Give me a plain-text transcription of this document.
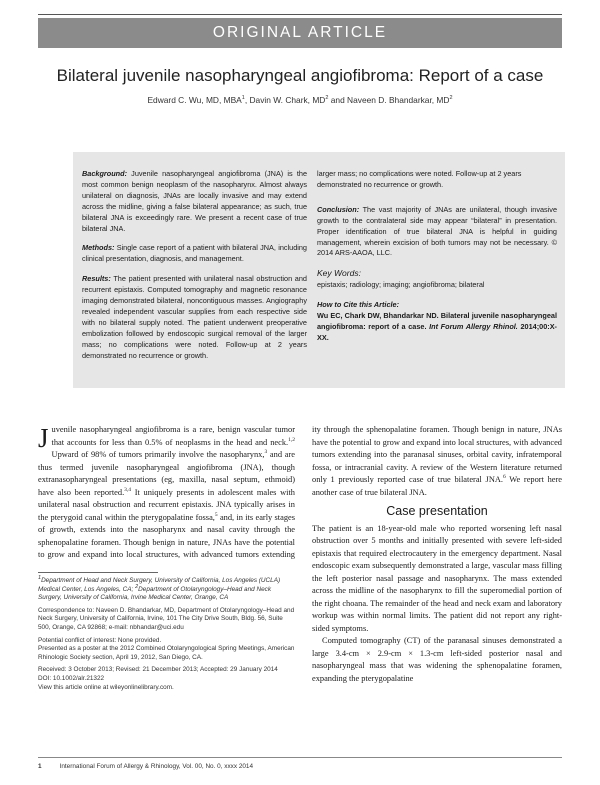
ORIGINAL ARTICLE
Bilateral juvenile nasopharyngeal angiofibroma: Report of a case
Edward C. Wu, MD, MBA$^1$, Davin W. Chark, $MD^2$ and Naveen D. Bhandarkar, $MD^2$

Background: Juvenile nasopharyngeal angiofibroma (JNA) is the most common benign neoplasm of the nasopharynx. Almost always unilateral on diagnosis, JNAs are locally invasive and may extend across the midline, giving a false bilateral appearance; as such, true bilateral JNA is exceedingly rare. We present a recent case of true bilateral JNA.

Methods: Single case report of a patient with bilateral JNA, including clinical presentation, diagnosis, and management.

Results: The patient presented with unilateral nasal obstruction and recurrent epistaxis. Computed tomography and magnetic resonance imaging demonstrated bilateral, noncontiguous masses. Angiography revealed independent vascular supplies from each respective side with no bilateral supply noted. The patient underwent preoperative embolization followed by endoscopic surgical removal of the larger mass; no complications were noted. Follow-up at 2 years demonstrated no recurrence or growth.

larger mass; no complications were noted. Follow-up at 2 years demonstrated no recurrence or growth.

Conclusion: The vast majority of JNAs are unilateral, though invasive growth to the contralateral side may appear “bilateral” in presentation. Proper identification of true bilateral JNA is helpful in guiding management, wherein excision of both tumors may not be necessary. © 2014 ARS-AAOA, LLC.

Key Words:

epistaxis; radiology; imaging; angiofibroma; bilateral

How to Cite this Article:

Wu EC, Chark DW, Bhandarkar ND. Bilateral juvenile nasopharyngeal angiofibroma: report of a case. Int Forum Allergy Rhinol. 2014;00:X-XX.

Juvenile nasopharyngeal angiofibroma is a rare, benign vascular tumor that accounts for less than 0.5% of neoplasms in the head and neck.$^{1,2}$ Upward of 98% of tumors primarily involve the nasopharynx,$^3$ and are thus termed juvenile nasopharyngeal angiofibroma (JNA), though extranasopharyngeal presentations (eg, maxilla, nasal septum, ethmoid) have also been reported.$^{3,4}$ It uniquely presents in adolescent males with unilateral nasal obstruction and recurrent epistaxis. JNA typically arises in the pterygoid canal within the pterygopalatine fossa,$^5$ and, in its early stages of growth, extends into the nasopharynx and nasal cavity through the sphenopalatine foramen. Though benign in nature, JNAs have the potential to grow and expand into local structures, with advanced tumors extending

ity through the sphenopalatine foramen. Though benign in nature, JNAs have the potential to grow and expand into local structures, with advanced tumors extending into the paranasal sinuses, orbital cavity, infratemporal fossa, or intracranial cavity. A review of the Western literature returned only 1 previously reported case of true bilateral JNA.$^6$ We report here another case of true bilateral JNA.

Case presentation

The patient is an 18-year-old male who reported worsening left nasal obstruction over 5 months and initially presented with severe left-sided epistaxis that required electrocautery in the emergency department. Nasal endoscopic exam subsequently demonstrated a large, vascular mass filling the left posterior nasal passage and nasopharynx. The mass extended across the midline of the nasopharynx to fill the superomedial portion of the right choana. The remainder of the head and neck exam and laboratory workup was within normal limits. The patient did not report any right-sided symptoms.

Computed tomography (CT) of the paranasal sinuses demonstrated a large 3.4-cm × 2.9-cm × 1.3-cm left-sided posterior nasal and nasopharyngeal mass that was widening the sphenopalatine foramen, expanding the pterygopalatine

1Department of Head and Neck Surgery, University of California, Los Angeles (UCLA) Medical Center, Los Angeles, CA; 2Department of Otolaryngology–Head and Neck Surgery, University of California, Irvine Medical Center, Orange, CA

Correspondence to: Naveen D. Bhandarkar, MD, Department of Otolaryngology–Head and Neck Surgery, University of California, Irvine, 101 The City Drive South, Bldg. 56, Suite 500, Orange, CA 92868; e-mail: nbhandar@uci.edu

Potential conflict of interest: None provided.

Presented as a poster at the 2012 Combined Otolaryngological Spring Meetings, American Rhinologic Society section, April 19, 2012, San Diego, CA.

Received: 3 October 2013; Revised: 21 December 2013; Accepted: 29 January 2014

DOI: 10.1002/alr.21322

View this article online at wileyonlinelibrary.com.

1	International Forum of Allergy & Rhinology, Vol. 00, No. 0, xxxx 2014
